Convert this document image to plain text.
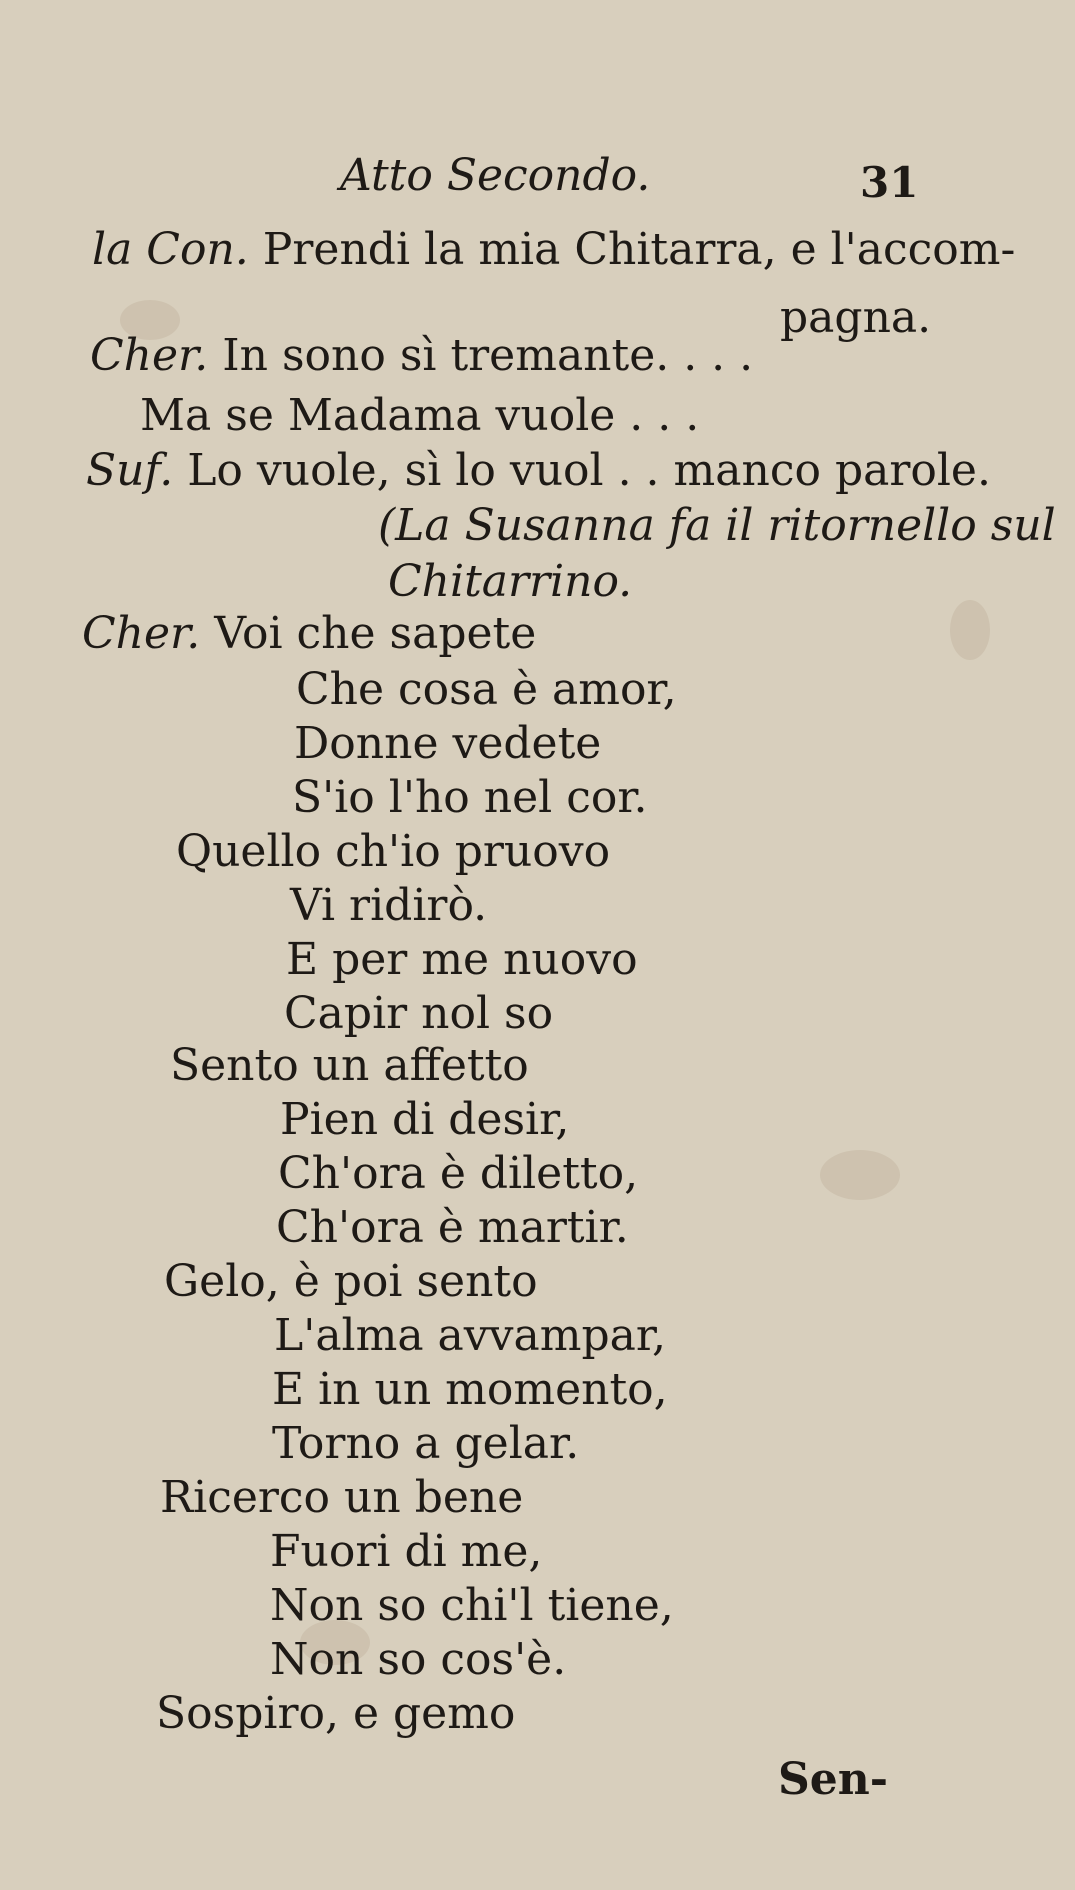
Atto Secondo.	31
la Con. Prendi la mia Chitarra, e l'accom-
pagna.
Cher. In sono sì tremante. . . .
Ma se Madama vuole . . .
Suf. Lo vuole, sì lo vuol . . manco parole.
(La Susanna fa il ritornello sul
Chitarrino.
Cher. Voi che sapete
Che cosa è amor,
Donne vedete
S'io l'ho nel cor.
Quello ch'io pruovo
Vi ridirò.
E per me nuovo
Capir nol so
Sento un affetto
Pien di desir,
Ch'ora è diletto,
Ch'ora è martir.
Gelo, è poi sento
L'alma avvampar,
E in un momento,
Torno a gelar.
Ricerco un bene
Fuori di me,
Non so chi'l tiene,
Non so cos'è.
Sospiro, e gemo
Sen-
